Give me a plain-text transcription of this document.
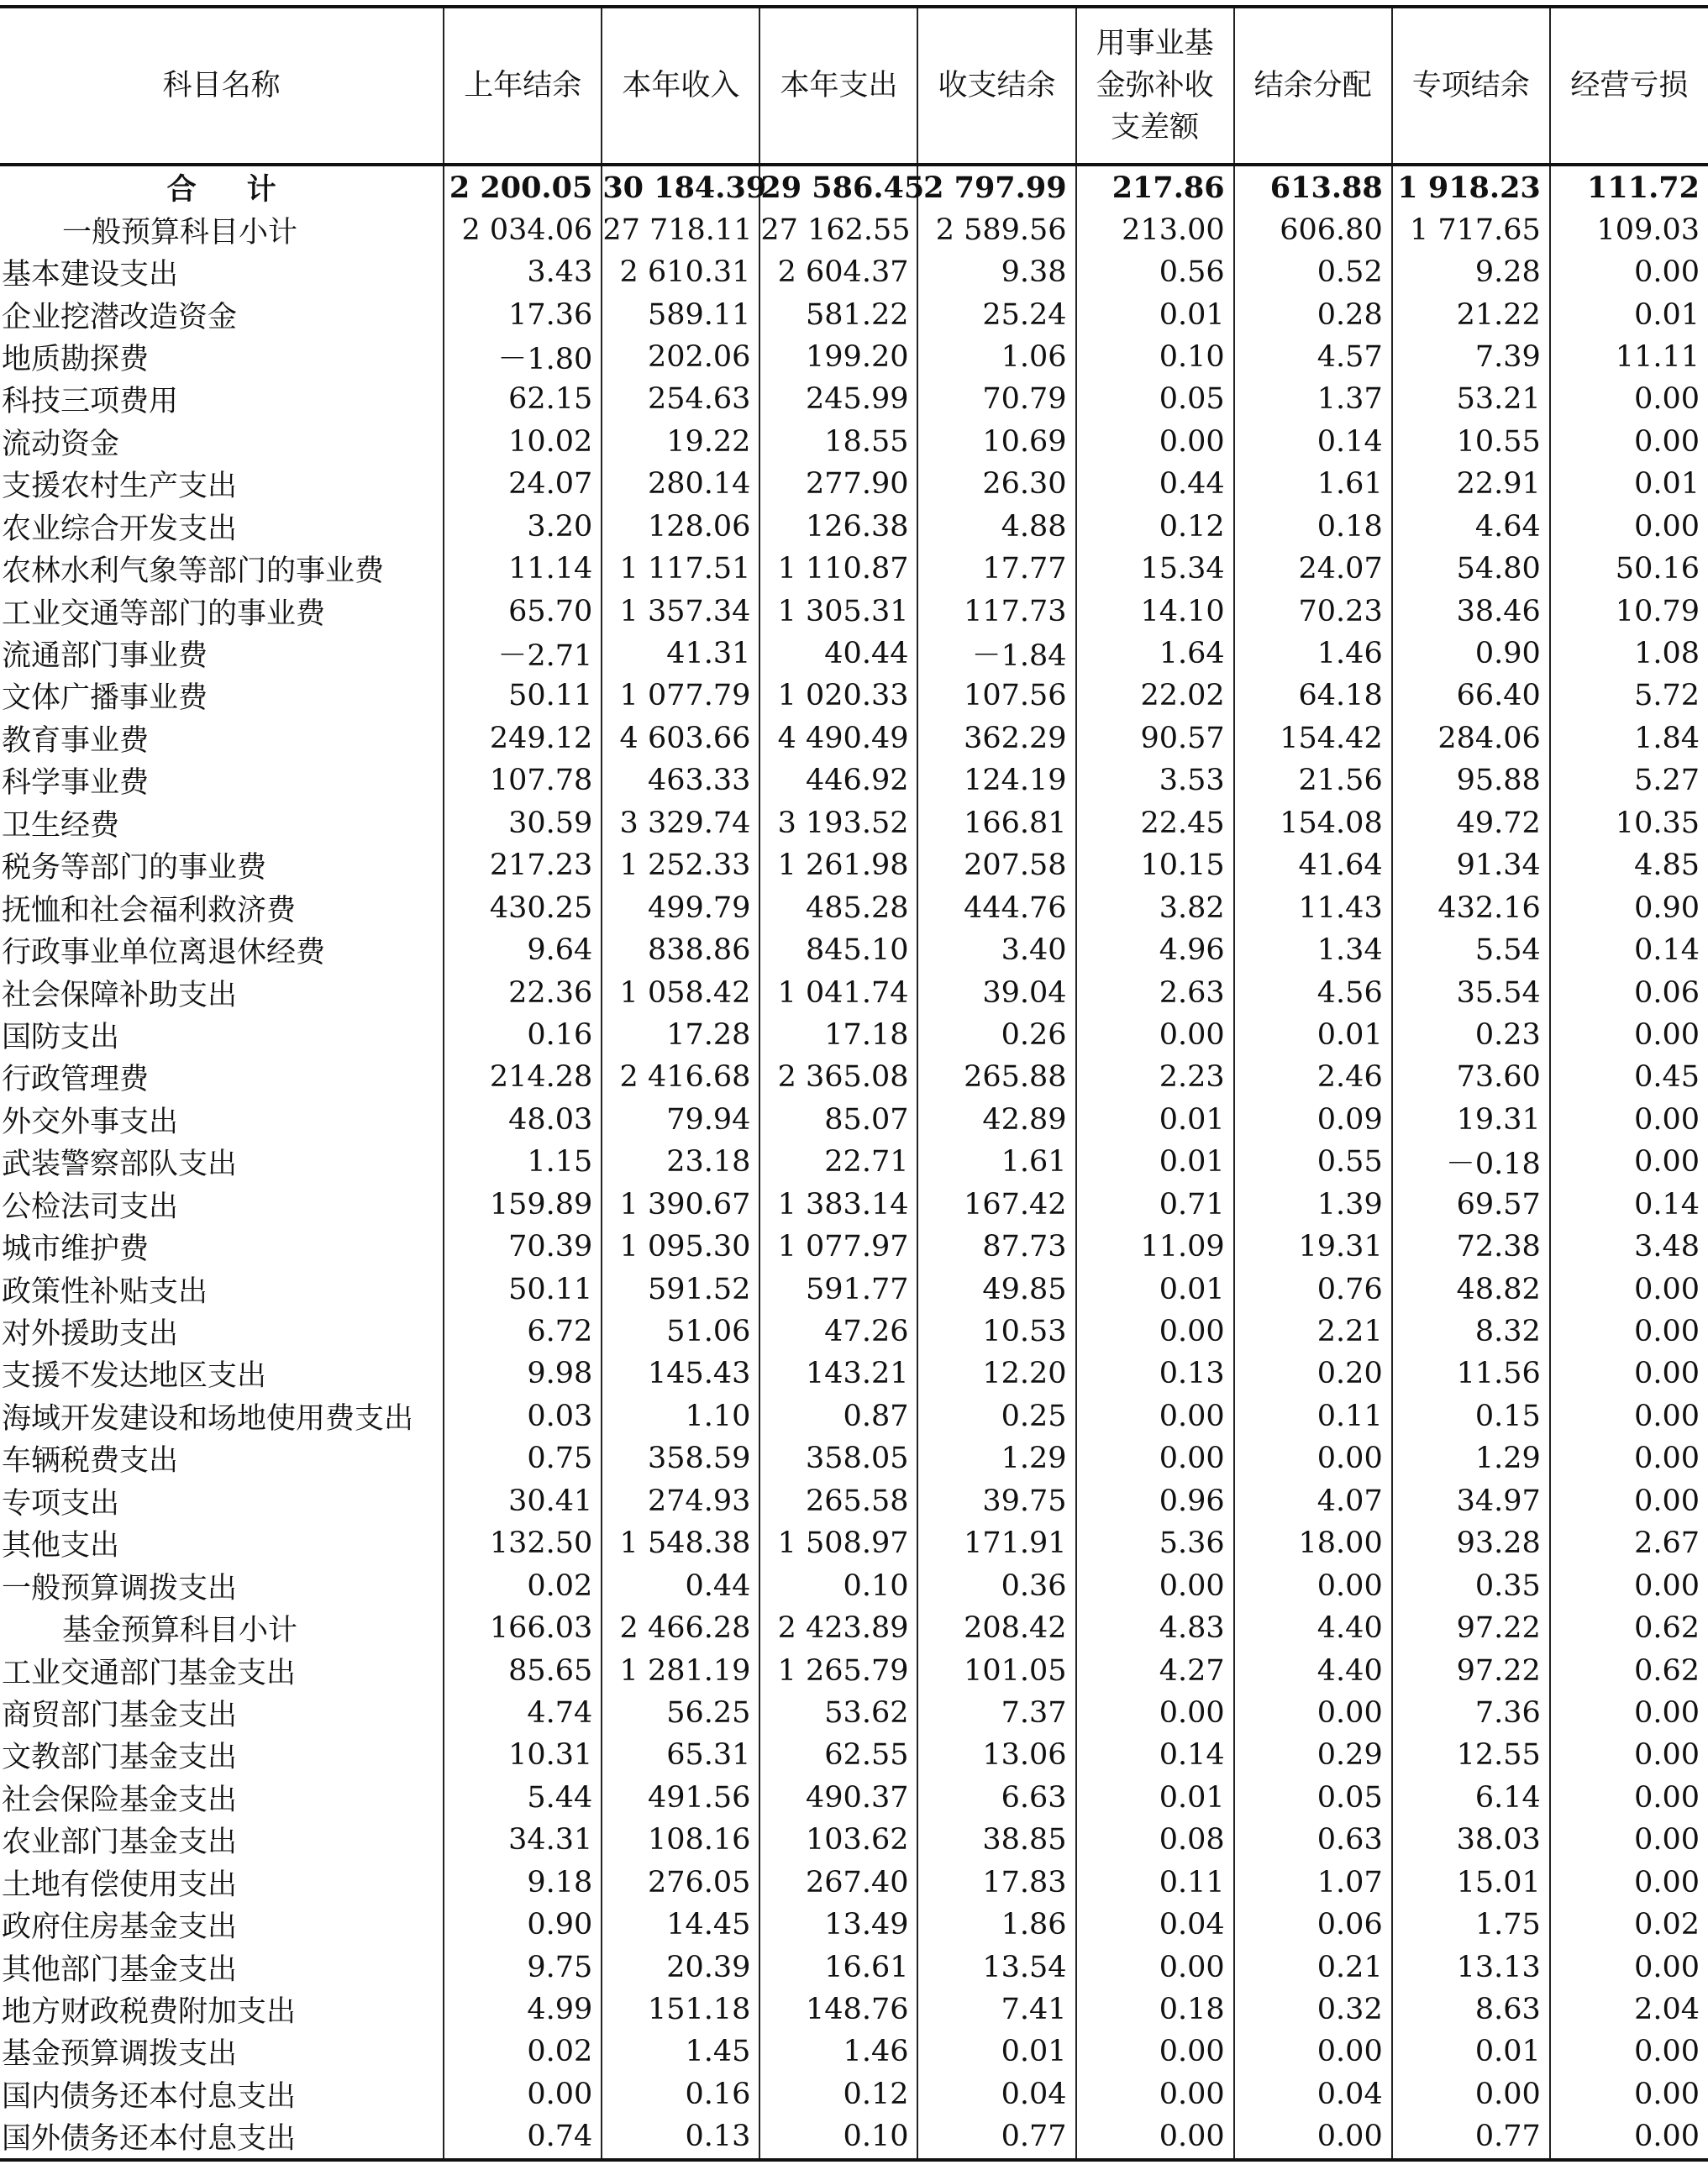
科目名称	上年结余	本年收入	本年支出	收支结余	用事业基金弥补收支差额	结余分配	专项结余	经营亏损
合计	2 200.05	30 184.39	29 586.45	2 797.99	217.86	613.88	1 918.23	111.72
一般预算科目小计	2 034.06	27 718.11	27 162.55	2 589.56	213.00	606.80	1 717.65	109.03
基本建设支出	3.43	2 610.31	2 604.37	9.38	0.56	0.52	9.28	0.00
企业挖潜改造资金	17.36	589.11	581.22	25.24	0.01	0.28	21.22	0.01
地质勘探费	－1.80	202.06	199.20	1.06	0.10	4.57	7.39	11.11
科技三项费用	62.15	254.63	245.99	70.79	0.05	1.37	53.21	0.00
流动资金	10.02	19.22	18.55	10.69	0.00	0.14	10.55	0.00
支援农村生产支出	24.07	280.14	277.90	26.30	0.44	1.61	22.91	0.01
农业综合开发支出	3.20	128.06	126.38	4.88	0.12	0.18	4.64	0.00
农林水利气象等部门的事业费	11.14	1 117.51	1 110.87	17.77	15.34	24.07	54.80	50.16
工业交通等部门的事业费	65.70	1 357.34	1 305.31	117.73	14.10	70.23	38.46	10.79
流通部门事业费	－2.71	41.31	40.44	－1.84	1.64	1.46	0.90	1.08
文体广播事业费	50.11	1 077.79	1 020.33	107.56	22.02	64.18	66.40	5.72
教育事业费	249.12	4 603.66	4 490.49	362.29	90.57	154.42	284.06	1.84
科学事业费	107.78	463.33	446.92	124.19	3.53	21.56	95.88	5.27
卫生经费	30.59	3 329.74	3 193.52	166.81	22.45	154.08	49.72	10.35
税务等部门的事业费	217.23	1 252.33	1 261.98	207.58	10.15	41.64	91.34	4.85
抚恤和社会福利救济费	430.25	499.79	485.28	444.76	3.82	11.43	432.16	0.90
行政事业单位离退休经费	9.64	838.86	845.10	3.40	4.96	1.34	5.54	0.14
社会保障补助支出	22.36	1 058.42	1 041.74	39.04	2.63	4.56	35.54	0.06
国防支出	0.16	17.28	17.18	0.26	0.00	0.01	0.23	0.00
行政管理费	214.28	2 416.68	2 365.08	265.88	2.23	2.46	73.60	0.45
外交外事支出	48.03	79.94	85.07	42.89	0.01	0.09	19.31	0.00
武装警察部队支出	1.15	23.18	22.71	1.61	0.01	0.55	－0.18	0.00
公检法司支出	159.89	1 390.67	1 383.14	167.42	0.71	1.39	69.57	0.14
城市维护费	70.39	1 095.30	1 077.97	87.73	11.09	19.31	72.38	3.48
政策性补贴支出	50.11	591.52	591.77	49.85	0.01	0.76	48.82	0.00
对外援助支出	6.72	51.06	47.26	10.53	0.00	2.21	8.32	0.00
支援不发达地区支出	9.98	145.43	143.21	12.20	0.13	0.20	11.56	0.00
海域开发建设和场地使用费支出	0.03	1.10	0.87	0.25	0.00	0.11	0.15	0.00
车辆税费支出	0.75	358.59	358.05	1.29	0.00	0.00	1.29	0.00
专项支出	30.41	274.93	265.58	39.75	0.96	4.07	34.97	0.00
其他支出	132.50	1 548.38	1 508.97	171.91	5.36	18.00	93.28	2.67
一般预算调拨支出	0.02	0.44	0.10	0.36	0.00	0.00	0.35	0.00
基金预算科目小计	166.03	2 466.28	2 423.89	208.42	4.83	4.40	97.22	0.62
工业交通部门基金支出	85.65	1 281.19	1 265.79	101.05	4.27	4.40	97.22	0.62
商贸部门基金支出	4.74	56.25	53.62	7.37	0.00	0.00	7.36	0.00
文教部门基金支出	10.31	65.31	62.55	13.06	0.14	0.29	12.55	0.00
社会保险基金支出	5.44	491.56	490.37	6.63	0.01	0.05	6.14	0.00
农业部门基金支出	34.31	108.16	103.62	38.85	0.08	0.63	38.03	0.00
土地有偿使用支出	9.18	276.05	267.40	17.83	0.11	1.07	15.01	0.00
政府住房基金支出	0.90	14.45	13.49	1.86	0.04	0.06	1.75	0.02
其他部门基金支出	9.75	20.39	16.61	13.54	0.00	0.21	13.13	0.00
地方财政税费附加支出	4.99	151.18	148.76	7.41	0.18	0.32	8.63	2.04
基金预算调拨支出	0.02	1.45	1.46	0.01	0.00	0.00	0.01	0.00
国内债务还本付息支出	0.00	0.16	0.12	0.04	0.00	0.04	0.00	0.00
国外债务还本付息支出	0.74	0.13	0.10	0.77	0.00	0.00	0.77	0.00
